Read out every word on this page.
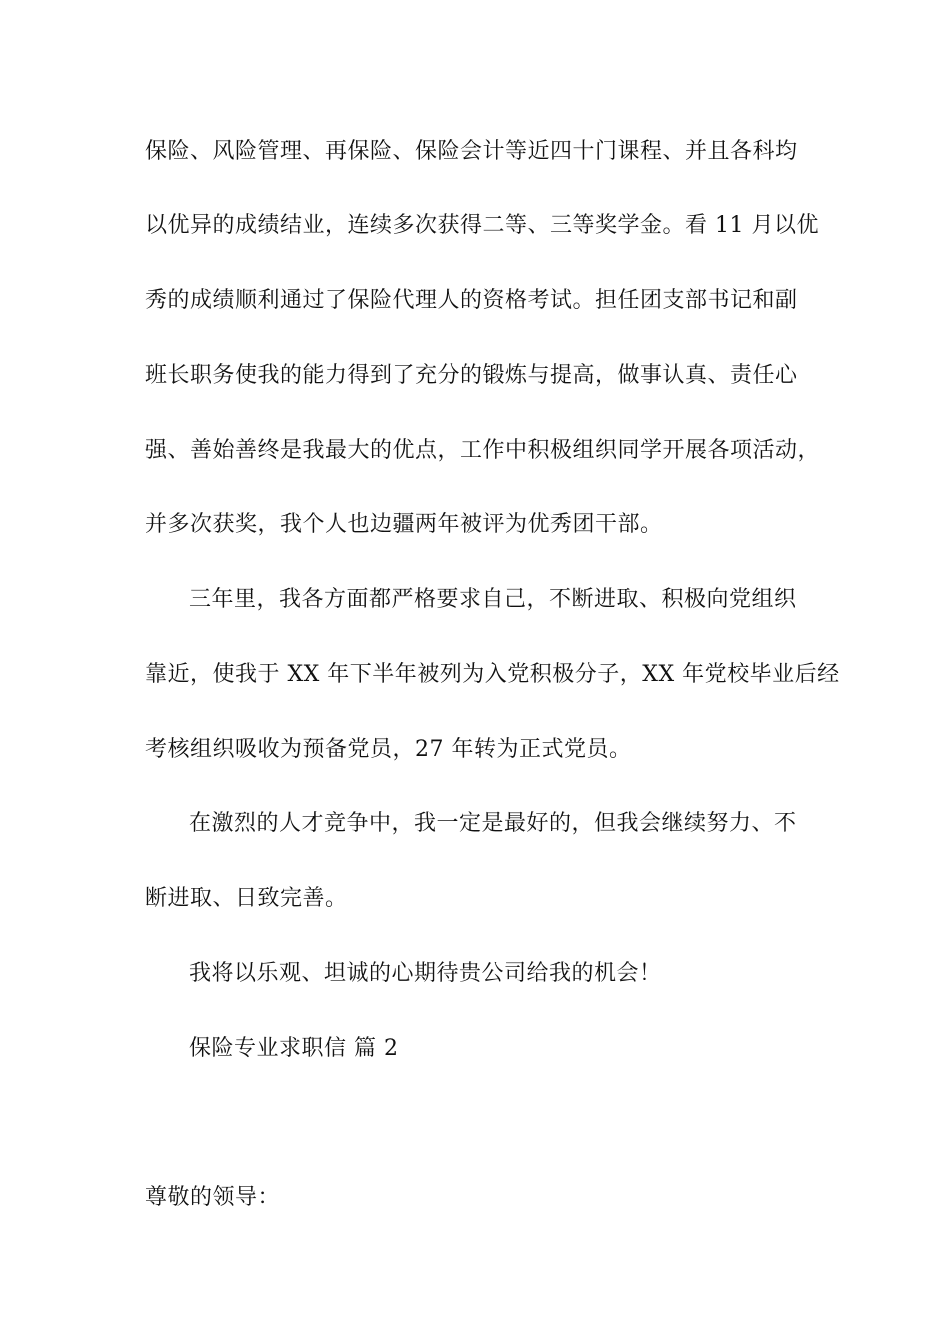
保险、风险管理、再保险、保险会计等近四十门课程、并且各科均
以优异的成绩结业，连续多次获得二等、三等奖学金。看 11 月以优
秀的成绩顺利通过了保险代理人的资格考试。担任团支部书记和副
班长职务使我的能力得到了充分的锻炼与提高，做事认真、责任心
强、善始善终是我最大的优点，工作中积极组织同学开展各项活动，
并多次获奖，我个人也边疆两年被评为优秀团干部。
三年里，我各方面都严格要求自己，不断进取、积极向党组织
靠近，使我于 XX 年下半年被列为入党积极分子，XX 年党校毕业后经
考核组织吸收为预备党员，27 年转为正式党员。
在激烈的人才竞争中，我一定是最好的，但我会继续努力、不
断进取、日致完善。
我将以乐观、坦诚的心期待贵公司给我的机会！
保险专业求职信 篇 2
尊敬的领导：
